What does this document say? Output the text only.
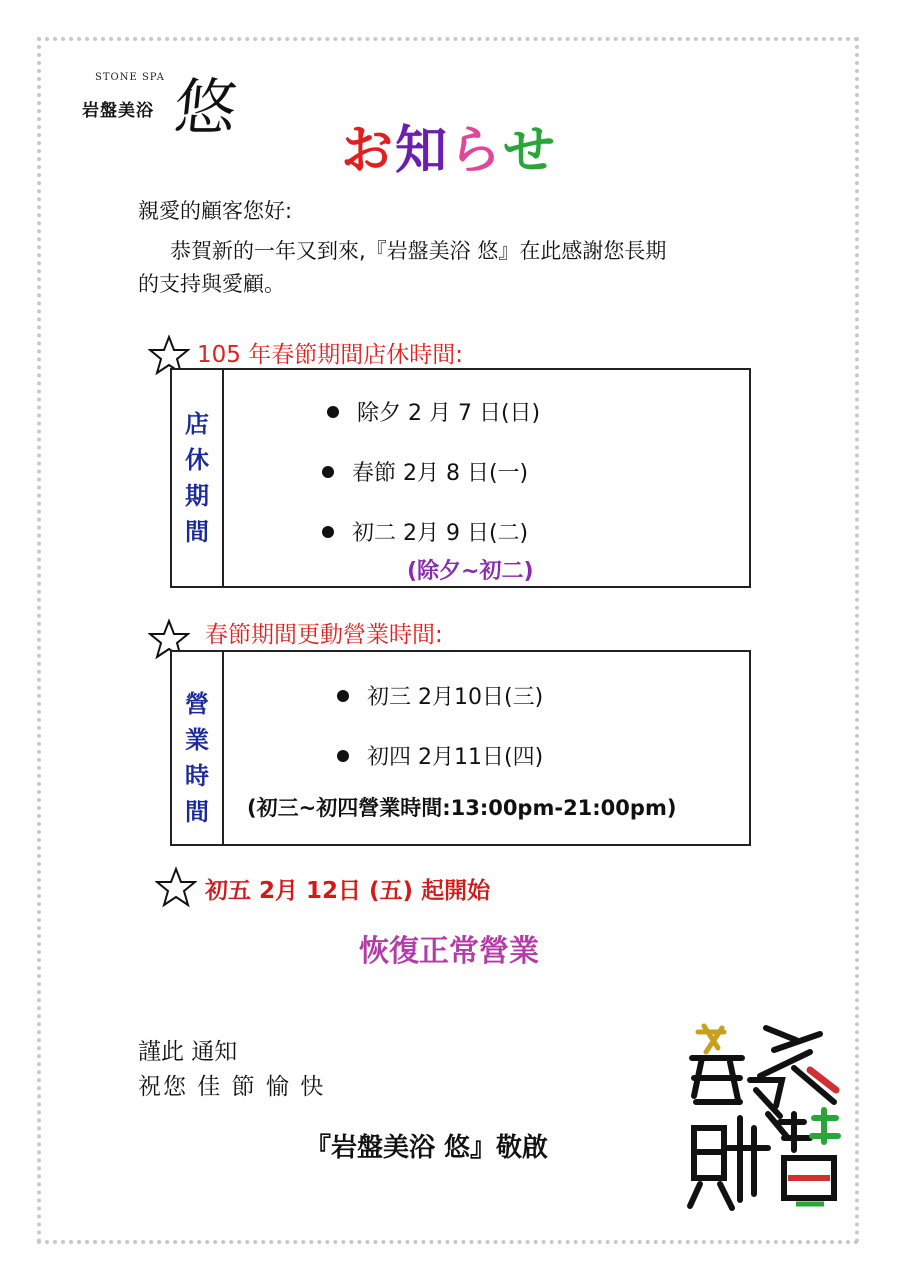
STONE SPA
岩盤美浴 悠
お知らせ
親愛的顧客您好:
恭賀新的一年又到來,『岩盤美浴 悠』在此感謝您長期
的支持與愛顧。
105 年春節期間店休時間:
店
休
期
間
除夕 2 月 7 日(日)
春節 2月 8 日(一)
初二 2月 9 日(二)
(除夕~初二)
春節期間更動營業時間:
營
業
時
間
初三 2月10日(三)
初四 2月11日(四)
(初三~初四營業時間:13:00pm-21:00pm)
初五 2月 12日 (五) 起開始
恢復正常營業
謹此 通知
祝您 佳 節 愉 快
『岩盤美浴 悠』敬啟
